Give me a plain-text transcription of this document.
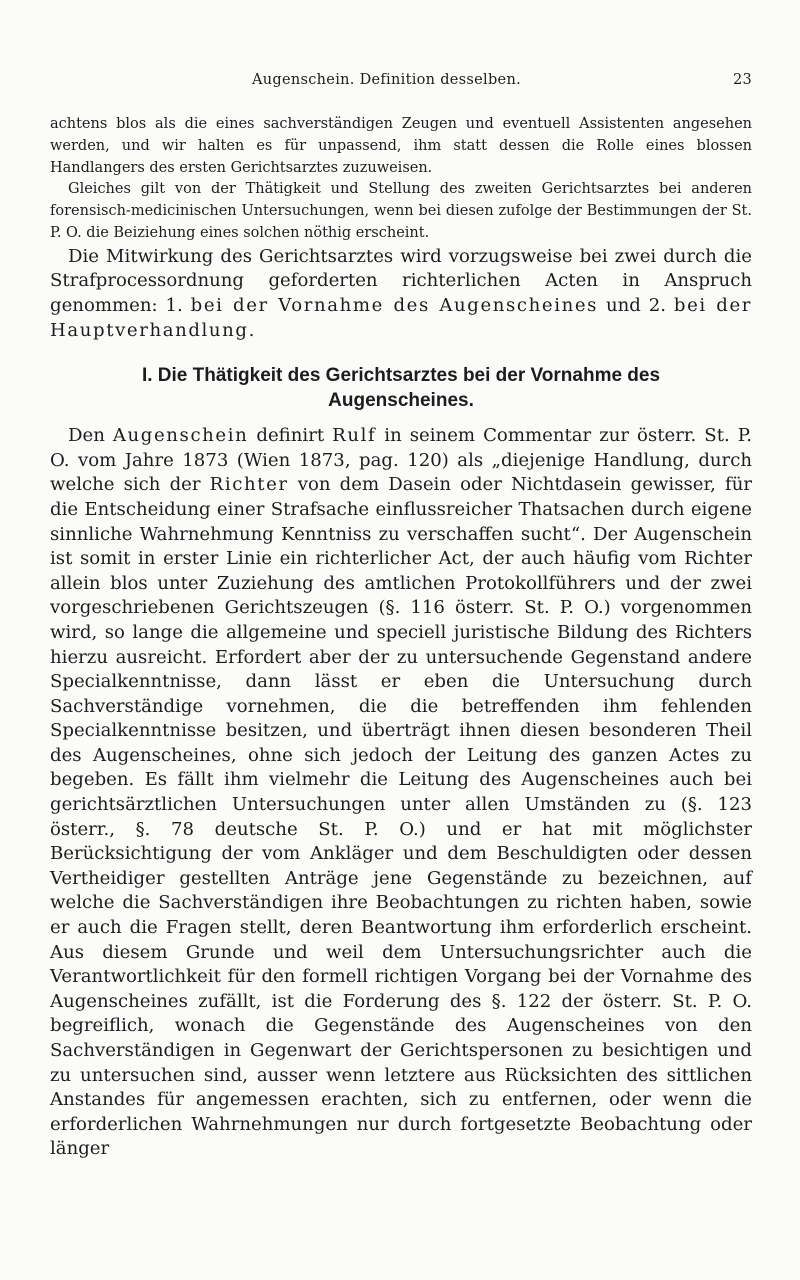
Augenschein. Definition desselben.	23

achtens blos als die eines sachverständigen Zeugen und eventuell Assistenten angesehen werden, und wir halten es für unpassend, ihm statt dessen die Rolle eines blossen Handlangers des ersten Gerichtsarztes zuzuweisen.

Gleiches gilt von der Thätigkeit und Stellung des zweiten Gerichtsarztes bei anderen forensisch-medicinischen Untersuchungen, wenn bei diesen zufolge der Bestimmungen der St. P. O. die Beiziehung eines solchen nöthig erscheint.

Die Mitwirkung des Gerichtsarztes wird vorzugsweise bei zwei durch die Strafprocessordnung geforderten richterlichen Acten in Anspruch genommen: 1. bei der Vornahme des Augenscheines und 2. bei der Hauptverhandlung.

I. Die Thätigkeit des Gerichtsarztes bei der Vornahme des
Augenscheines.

Den Augenschein definirt Rulf in seinem Commentar zur österr. St. P. O. vom Jahre 1873 (Wien 1873, pag. 120) als „diejenige Handlung, durch welche sich der Richter von dem Dasein oder Nichtdasein gewisser, für die Entscheidung einer Strafsache einflussreicher Thatsachen durch eigene sinnliche Wahrnehmung Kenntniss zu verschaffen sucht“. Der Augenschein ist somit in erster Linie ein richterlicher Act, der auch häufig vom Richter allein blos unter Zuziehung des amtlichen Protokollführers und der zwei vorgeschriebenen Gerichtszeugen (§. 116 österr. St. P. O.) vorgenommen wird, so lange die allgemeine und speciell juristische Bildung des Richters hierzu ausreicht. Erfordert aber der zu untersuchende Gegenstand andere Specialkenntnisse, dann lässt er eben die Untersuchung durch Sachverständige vornehmen, die die betreffenden ihm fehlenden Specialkenntnisse besitzen, und überträgt ihnen diesen besonderen Theil des Augenscheines, ohne sich jedoch der Leitung des ganzen Actes zu begeben. Es fällt ihm vielmehr die Leitung des Augenscheines auch bei gerichtsärztlichen Untersuchungen unter allen Umständen zu (§. 123 österr., §. 78 deutsche St. P. O.) und er hat mit möglichster Berücksichtigung der vom Ankläger und dem Beschuldigten oder dessen Vertheidiger gestellten Anträge jene Gegenstände zu bezeichnen, auf welche die Sachverständigen ihre Beobachtungen zu richten haben, sowie er auch die Fragen stellt, deren Beantwortung ihm erforderlich erscheint. Aus diesem Grunde und weil dem Untersuchungsrichter auch die Verantwortlichkeit für den formell richtigen Vorgang bei der Vornahme des Augenscheines zufällt, ist die Forderung des §. 122 der österr. St. P. O. begreiflich, wonach die Gegenstände des Augenscheines von den Sachverständigen in Gegenwart der Gerichtspersonen zu besichtigen und zu untersuchen sind, ausser wenn letztere aus Rücksichten des sittlichen Anstandes für angemessen erachten, sich zu entfernen, oder wenn die erforderlichen Wahrnehmungen nur durch fortgesetzte Beobachtung oder länger
